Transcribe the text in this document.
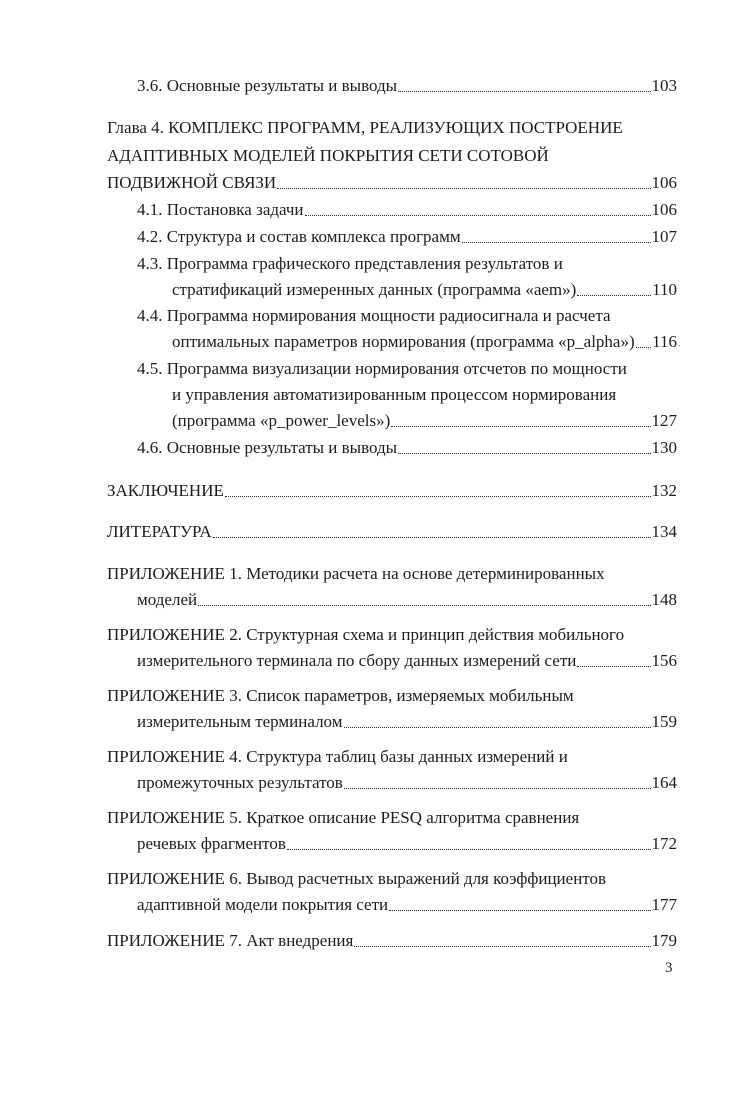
3.6. Основные результаты и выводы	103
Глава 4. КОМПЛЕКС ПРОГРАММ, РЕАЛИЗУЮЩИХ ПОСТРОЕНИЕ
АДАПТИВНЫХ МОДЕЛЕЙ ПОКРЫТИЯ СЕТИ СОТОВОЙ
ПОДВИЖНОЙ СВЯЗИ	106
4.1. Постановка задачи	106
4.2. Структура и состав комплекса программ	107
4.3. Программа графического представления результатов и
стратификаций измеренных данных (программа «aem»)	110
4.4. Программа нормирования мощности радиосигнала и расчета
оптимальных параметров нормирования (программа «p_alpha») 116 ˎ
4.5. Программа визуализации нормирования отсчетов по мощности
и управления автоматизированным процессом нормирования
(программа «p_power_levels»)	127
4.6. Основные результаты и выводы	130
ЗАКЛЮЧЕНИЕ	132
ЛИТЕРАТУРА	134
ПРИЛОЖЕНИЕ 1. Методики расчета на основе детерминированных
моделей	148
ПРИЛОЖЕНИЕ 2. Структурная схема и принцип действия мобильного
измерительного терминала по сбору данных измерений сети	156
ПРИЛОЖЕНИЕ 3. Список параметров, измеряемых мобильным
измерительным терминалом	159
ПРИЛОЖЕНИЕ 4. Структура таблиц базы данных измерений и
промежуточных результатов	164
ПРИЛОЖЕНИЕ 5. Краткое описание PESQ алгоритма сравнения
речевых фрагментов	172
ПРИЛОЖЕНИЕ 6. Вывод расчетных выражений для коэффициентов
адаптивной модели покрытия сети	177
ПРИЛОЖЕНИЕ 7. Акт внедрения	179
3
